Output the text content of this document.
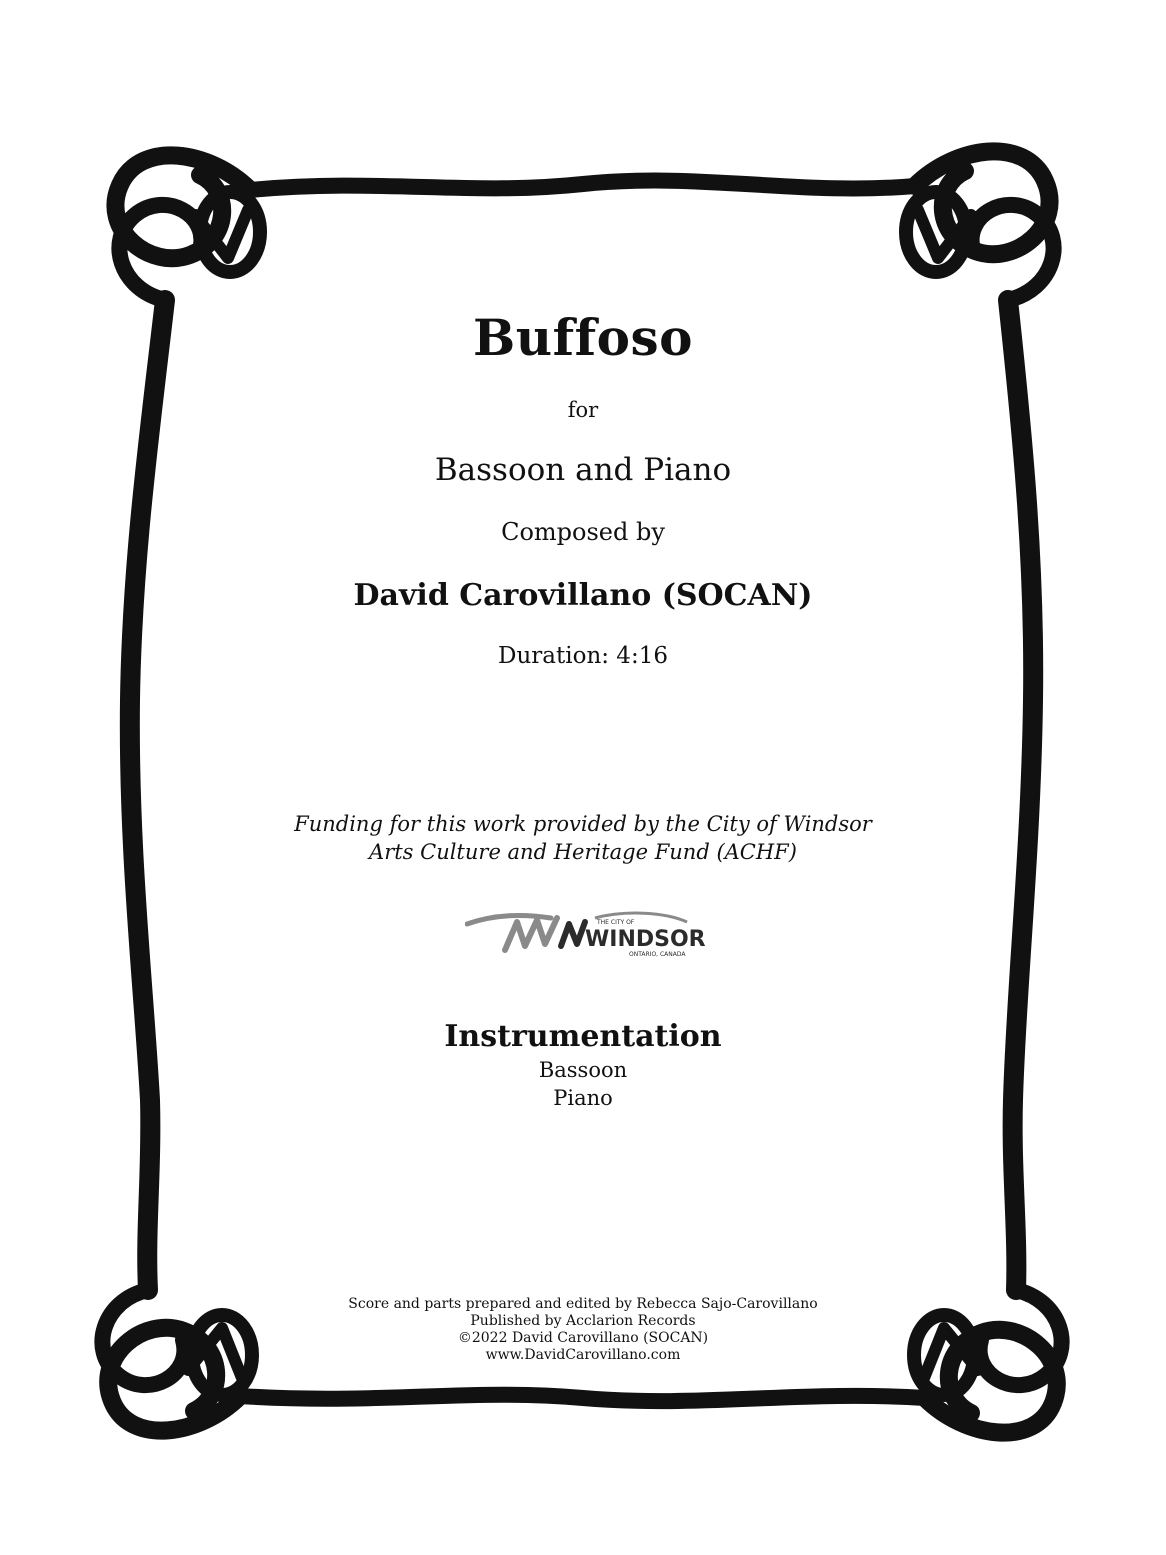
Buffoso
for
Bassoon and Piano
Composed by
David Carovillano (SOCAN)
Duration: 4:16
Funding for this work provided by the City of Windsor
Arts Culture and Heritage Fund (ACHF)
THE CITY OF
WINDSOR
ONTARIO, CANADA
Instrumentation
Bassoon
Piano
Score and parts prepared and edited by Rebecca Sajo-Carovillano
Published by Acclarion Records
©2022 David Carovillano (SOCAN)
www.DavidCarovillano.com
